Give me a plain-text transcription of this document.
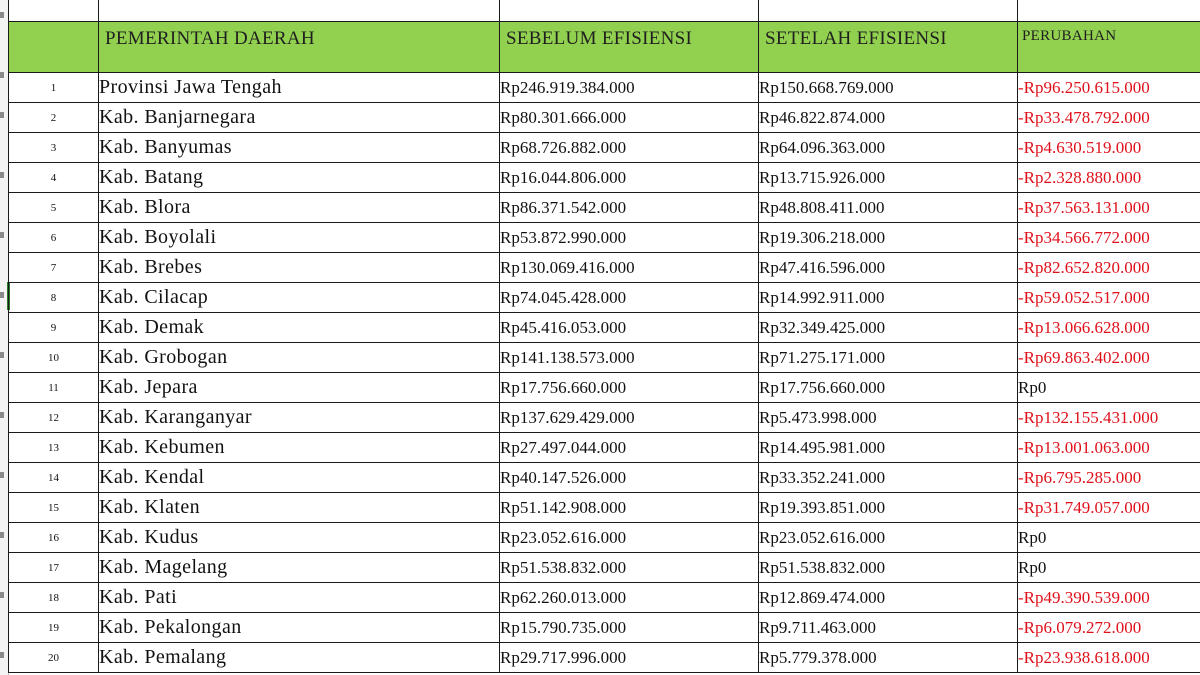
	PEMERINTAH DAERAH	SEBELUM EFISIENSI	SETELAH EFISIENSI	PERUBAHAN
1	Provinsi Jawa Tengah	Rp246.919.384.000	Rp150.668.769.000	-Rp96.250.615.000
2	Kab. Banjarnegara	Rp80.301.666.000	Rp46.822.874.000	-Rp33.478.792.000
3	Kab. Banyumas	Rp68.726.882.000	Rp64.096.363.000	-Rp4.630.519.000
4	Kab. Batang	Rp16.044.806.000	Rp13.715.926.000	-Rp2.328.880.000
5	Kab. Blora	Rp86.371.542.000	Rp48.808.411.000	-Rp37.563.131.000
6	Kab. Boyolali	Rp53.872.990.000	Rp19.306.218.000	-Rp34.566.772.000
7	Kab. Brebes	Rp130.069.416.000	Rp47.416.596.000	-Rp82.652.820.000
8	Kab. Cilacap	Rp74.045.428.000	Rp14.992.911.000	-Rp59.052.517.000
9	Kab. Demak	Rp45.416.053.000	Rp32.349.425.000	-Rp13.066.628.000
10	Kab. Grobogan	Rp141.138.573.000	Rp71.275.171.000	-Rp69.863.402.000
11	Kab. Jepara	Rp17.756.660.000	Rp17.756.660.000	Rp0
12	Kab. Karanganyar	Rp137.629.429.000	Rp5.473.998.000	-Rp132.155.431.000
13	Kab. Kebumen	Rp27.497.044.000	Rp14.495.981.000	-Rp13.001.063.000
14	Kab. Kendal	Rp40.147.526.000	Rp33.352.241.000	-Rp6.795.285.000
15	Kab. Klaten	Rp51.142.908.000	Rp19.393.851.000	-Rp31.749.057.000
16	Kab. Kudus	Rp23.052.616.000	Rp23.052.616.000	Rp0
17	Kab. Magelang	Rp51.538.832.000	Rp51.538.832.000	Rp0
18	Kab. Pati	Rp62.260.013.000	Rp12.869.474.000	-Rp49.390.539.000
19	Kab. Pekalongan	Rp15.790.735.000	Rp9.711.463.000	-Rp6.079.272.000
20	Kab. Pemalang	Rp29.717.996.000	Rp5.779.378.000	-Rp23.938.618.000
